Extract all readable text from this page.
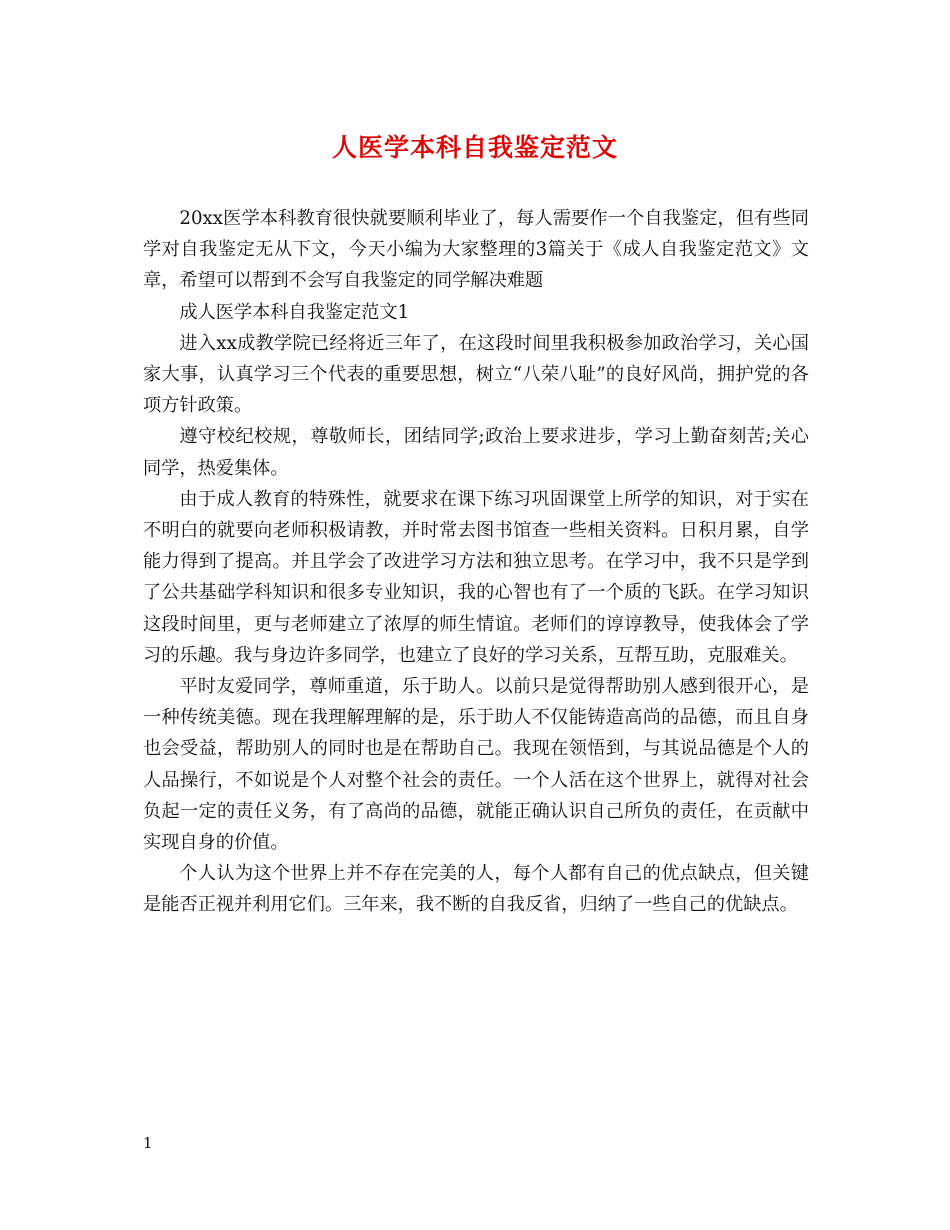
人医学本科自我鉴定范文

20xx医学本科教育很快就要顺利毕业了，每人需要作一个自我鉴定，但有些同学对自我鉴定无从下文，今天小编为大家整理的3篇关于《成人自我鉴定范文》文章，希望可以帮到不会写自我鉴定的同学解决难题

成人医学本科自我鉴定范文1

进入xx成教学院已经将近三年了，在这段时间里我积极参加政治学习，关心国家大事，认真学习三个代表的重要思想，树立“八荣八耻”的良好风尚，拥护党的各项方针政策。

遵守校纪校规，尊敬师长，团结同学;政治上要求进步，学习上勤奋刻苦;关心同学，热爱集体。

由于成人教育的特殊性，就要求在课下练习巩固课堂上所学的知识，对于实在不明白的就要向老师积极请教，并时常去图书馆查一些相关资料。日积月累，自学能力得到了提高。并且学会了改进学习方法和独立思考。在学习中，我不只是学到了公共基础学科知识和很多专业知识，我的心智也有了一个质的飞跃。在学习知识这段时间里，更与老师建立了浓厚的师生情谊。老师们的谆谆教导，使我体会了学习的乐趣。我与身边许多同学，也建立了良好的学习关系，互帮互助，克服难关。

平时友爱同学，尊师重道，乐于助人。以前只是觉得帮助别人感到很开心，是一种传统美德。现在我理解理解的是，乐于助人不仅能铸造高尚的品德，而且自身也会受益，帮助别人的同时也是在帮助自己。我现在领悟到，与其说品德是个人的人品操行，不如说是个人对整个社会的责任。一个人活在这个世界上，就得对社会负起一定的责任义务，有了高尚的品德，就能正确认识自己所负的责任，在贡献中实现自身的价值。

个人认为这个世界上并不存在完美的人，每个人都有自己的优点缺点，但关键是能否正视并利用它们。三年来，我不断的自我反省，归纳了一些自己的优缺点。

1
